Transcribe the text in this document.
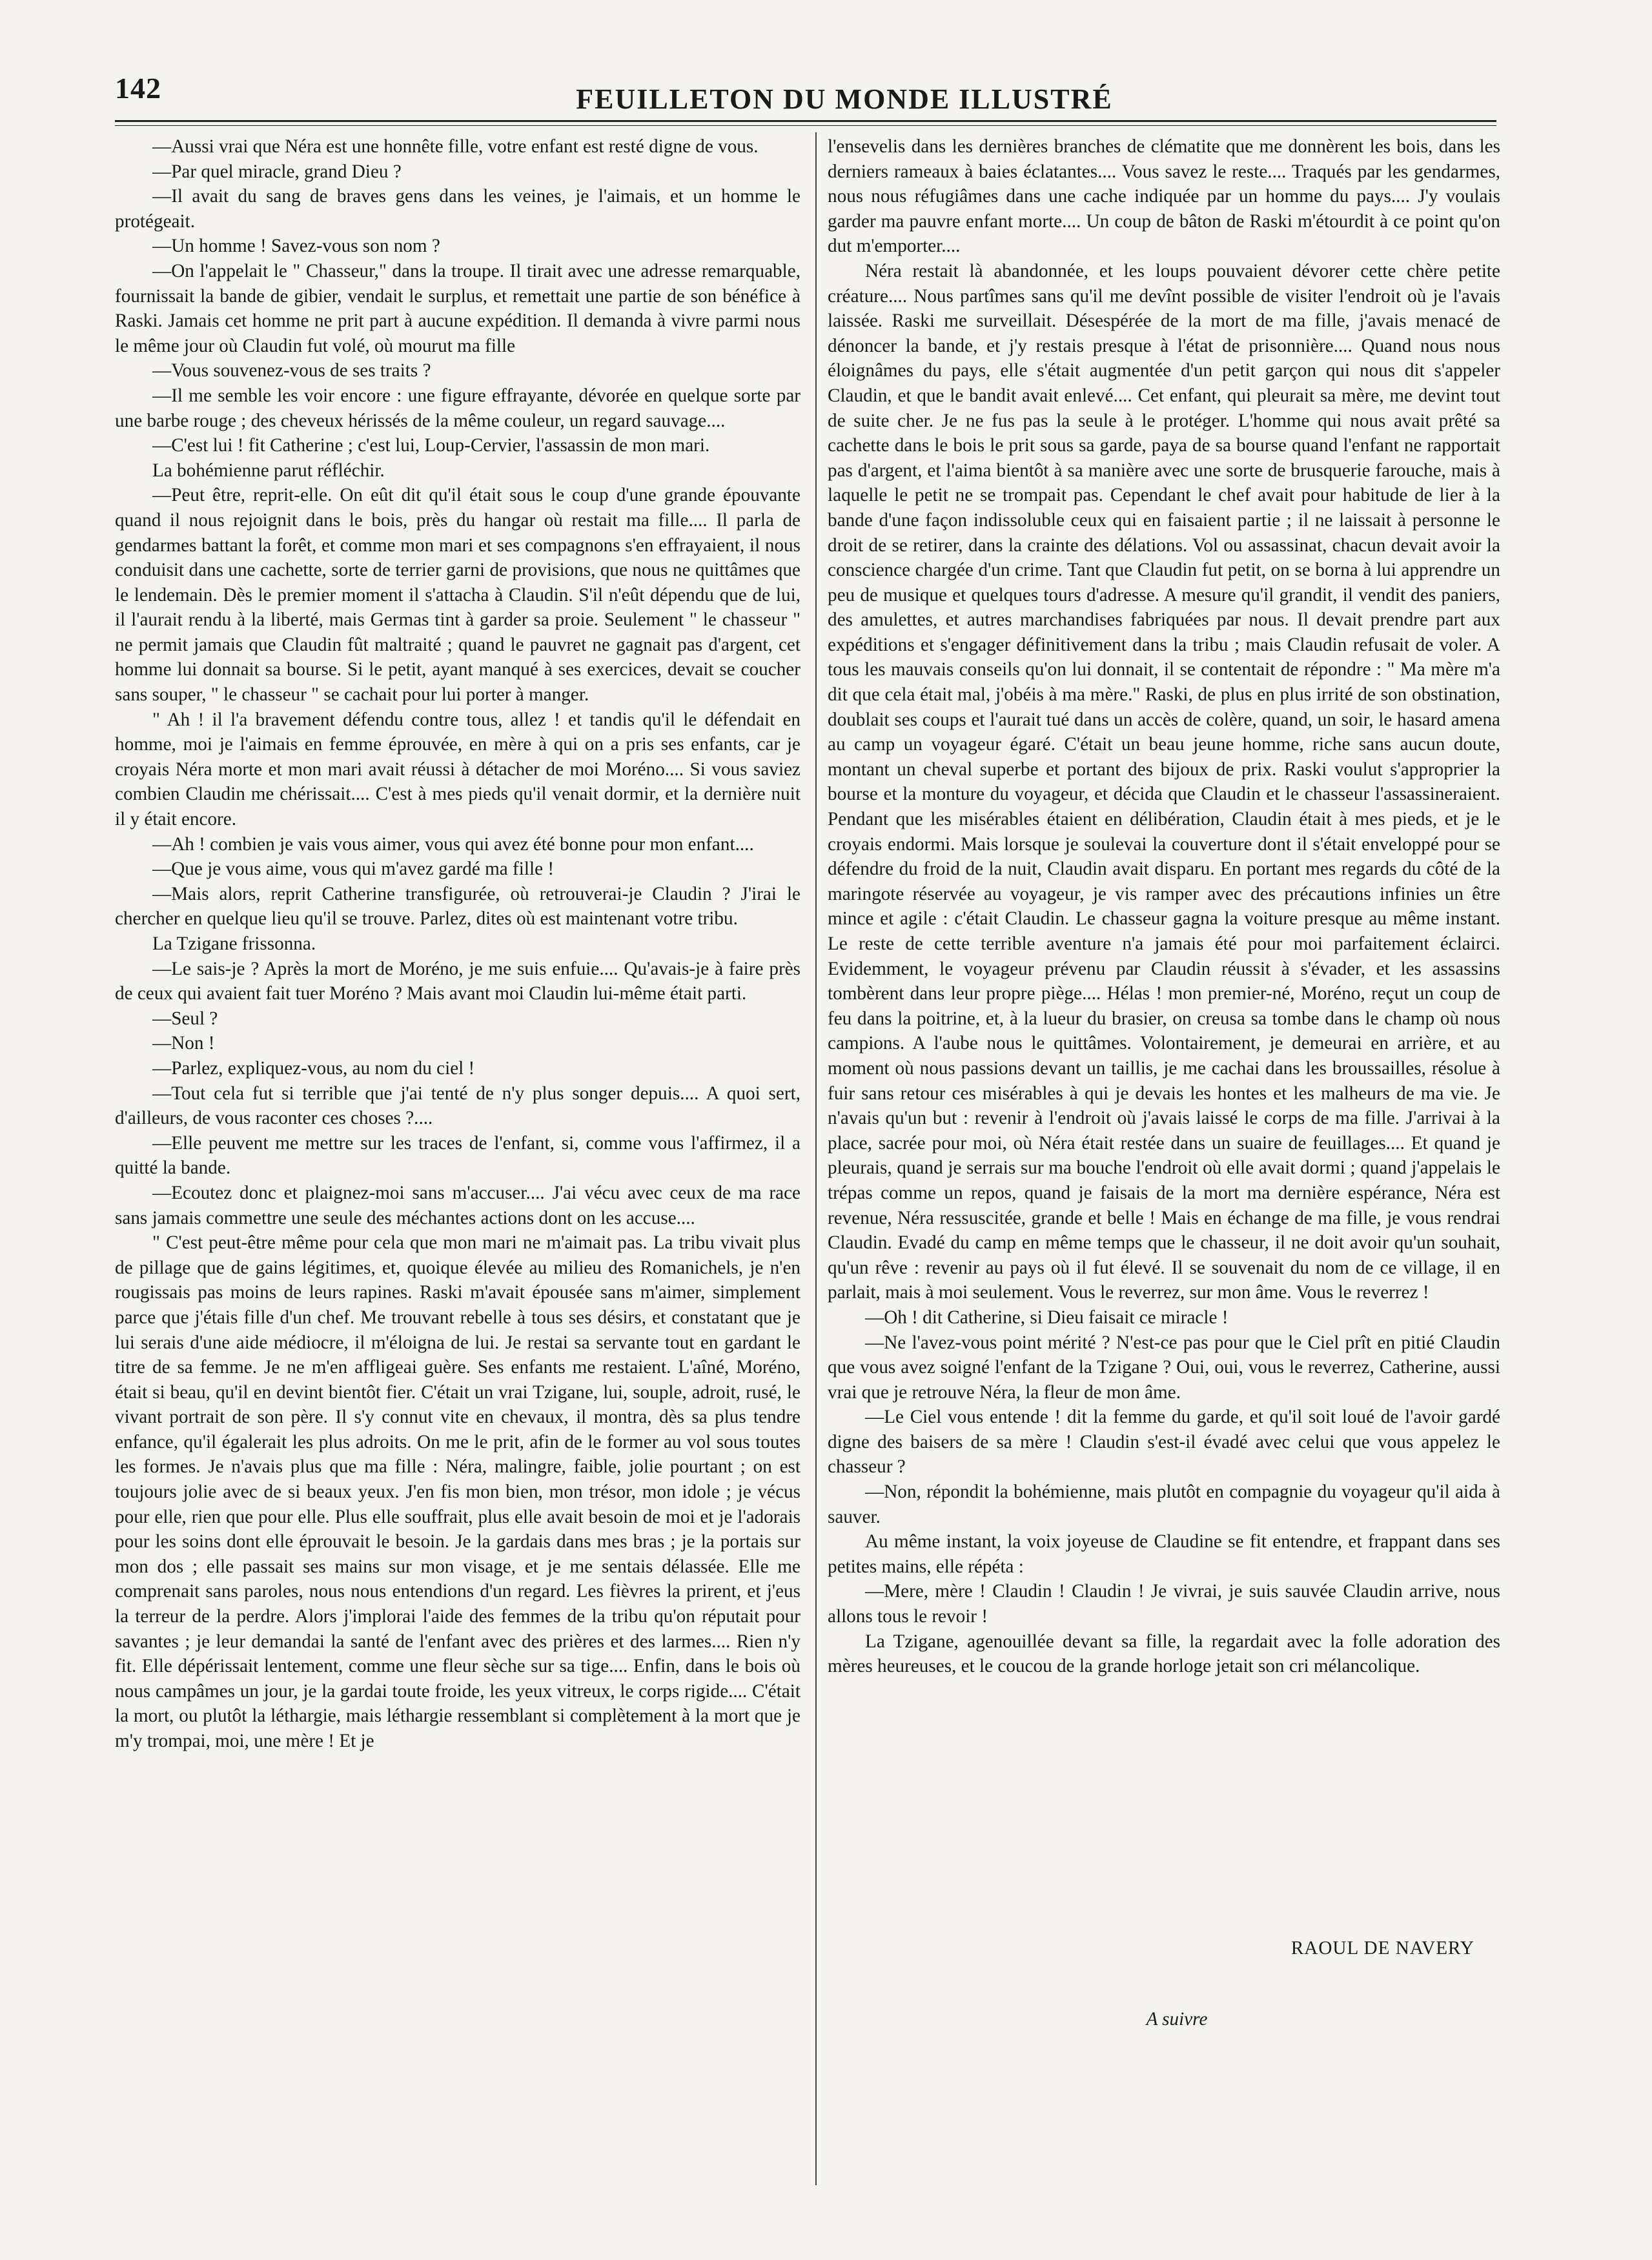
142	FEUILLETON DU MONDE ILLUSTRÉ

—Aussi vrai que Néra est une honnête fille, votre enfant est resté digne de vous.

—Par quel miracle, grand Dieu ?

—Il avait du sang de braves gens dans les veines, je l'aimais, et un homme le protégeait.

—Un homme ! Savez-vous son nom ?

—On l'appelait le " Chasseur," dans la troupe. Il tirait avec une adresse remarquable, fournissait la bande de gibier, vendait le surplus, et remettait une partie de son bénéfice à Raski. Jamais cet homme ne prit part à aucune expédition. Il demanda à vivre parmi nous le même jour où Claudin fut volé, où mourut ma fille

—Vous souvenez-vous de ses traits ?

—Il me semble les voir encore : une figure effrayante, dévorée en quelque sorte par une barbe rouge ; des cheveux hérissés de la même couleur, un regard sauvage....

—C'est lui ! fit Catherine ; c'est lui, Loup-Cervier, l'assassin de mon mari.

La bohémienne parut réfléchir.

—Peut être, reprit-elle. On eût dit qu'il était sous le coup d'une grande épouvante quand il nous rejoignit dans le bois, près du hangar où restait ma fille.... Il parla de gendarmes battant la forêt, et comme mon mari et ses compagnons s'en effrayaient, il nous conduisit dans une cachette, sorte de terrier garni de provisions, que nous ne quittâmes que le lendemain. Dès le premier moment il s'attacha à Claudin. S'il n'eût dépendu que de lui, il l'aurait rendu à la liberté, mais Germas tint à garder sa proie. Seulement " le chasseur " ne permit jamais que Claudin fût maltraité ; quand le pauvret ne gagnait pas d'argent, cet homme lui donnait sa bourse. Si le petit, ayant manqué à ses exercices, devait se coucher sans souper, " le chasseur " se cachait pour lui porter à manger.

" Ah ! il l'a bravement défendu contre tous, allez ! et tandis qu'il le défendait en homme, moi je l'aimais en femme éprouvée, en mère à qui on a pris ses enfants, car je croyais Néra morte et mon mari avait réussi à détacher de moi Moréno.... Si vous saviez combien Claudin me chérissait.... C'est à mes pieds qu'il venait dormir, et la dernière nuit il y était encore.

—Ah ! combien je vais vous aimer, vous qui avez été bonne pour mon enfant....

—Que je vous aime, vous qui m'avez gardé ma fille !

—Mais alors, reprit Catherine transfigurée, où retrouverai-je Claudin ? J'irai le chercher en quelque lieu qu'il se trouve. Parlez, dites où est maintenant votre tribu.

La Tzigane frissonna.

—Le sais-je ? Après la mort de Moréno, je me suis enfuie.... Qu'avais-je à faire près de ceux qui avaient fait tuer Moréno ? Mais avant moi Claudin lui-même était parti.

—Seul ?

—Non !

—Parlez, expliquez-vous, au nom du ciel !

—Tout cela fut si terrible que j'ai tenté de n'y plus songer depuis.... A quoi sert, d'ailleurs, de vous raconter ces choses ?....

—Elle peuvent me mettre sur les traces de l'enfant, si, comme vous l'affirmez, il a quitté la bande.

—Ecoutez donc et plaignez-moi sans m'accuser.... J'ai vécu avec ceux de ma race sans jamais commettre une seule des méchantes actions dont on les accuse....

" C'est peut-être même pour cela que mon mari ne m'aimait pas. La tribu vivait plus de pillage que de gains légitimes, et, quoique élevée au milieu des Romanichels, je n'en rougissais pas moins de leurs rapines. Raski m'avait épousée sans m'aimer, simplement parce que j'étais fille d'un chef. Me trouvant rebelle à tous ses désirs, et constatant que je lui serais d'une aide médiocre, il m'éloigna de lui. Je restai sa servante tout en gardant le titre de sa femme. Je ne m'en affligeai guère. Ses enfants me restaient. L'aîné, Moréno, était si beau, qu'il en devint bientôt fier. C'était un vrai Tzigane, lui, souple, adroit, rusé, le vivant portrait de son père. Il s'y connut vite en chevaux, il montra, dès sa plus tendre enfance, qu'il égalerait les plus adroits. On me le prit, afin de le former au vol sous toutes les formes. Je n'avais plus que ma fille : Néra, malingre, faible, jolie pourtant ; on est toujours jolie avec de si beaux yeux. J'en fis mon bien, mon trésor, mon idole ; je vécus pour elle, rien que pour elle. Plus elle souffrait, plus elle avait besoin de moi et je l'adorais pour les soins dont elle éprouvait le besoin. Je la gardais dans mes bras ; je la portais sur mon dos ; elle passait ses mains sur mon visage, et je me sentais délassée. Elle me comprenait sans paroles, nous nous entendions d'un regard. Les fièvres la prirent, et j'eus la terreur de la perdre. Alors j'implorai l'aide des femmes de la tribu qu'on réputait pour savantes ; je leur demandai la santé de l'enfant avec des prières et des larmes.... Rien n'y fit. Elle dépérissait lentement, comme une fleur sèche sur sa tige.... Enfin, dans le bois où nous campâmes un jour, je la gardai toute froide, les yeux vitreux, le corps rigide.... C'était la mort, ou plutôt la léthargie, mais léthargie ressemblant si complètement à la mort que je m'y trompai, moi, une mère ! Et je

l'ensevelis dans les dernières branches de clématite que me donnèrent les bois, dans les derniers rameaux à baies éclatantes.... Vous savez le reste.... Traqués par les gendarmes, nous nous réfugiâmes dans une cache indiquée par un homme du pays.... J'y voulais garder ma pauvre enfant morte.... Un coup de bâton de Raski m'étourdit à ce point qu'on dut m'emporter....

Néra restait là abandonnée, et les loups pouvaient dévorer cette chère petite créature.... Nous partîmes sans qu'il me devînt possible de visiter l'endroit où je l'avais laissée. Raski me surveillait. Désespérée de la mort de ma fille, j'avais menacé de dénoncer la bande, et j'y restais presque à l'état de prisonnière.... Quand nous nous éloignâmes du pays, elle s'était augmentée d'un petit garçon qui nous dit s'appeler Claudin, et que le bandit avait enlevé.... Cet enfant, qui pleurait sa mère, me devint tout de suite cher. Je ne fus pas la seule à le protéger. L'homme qui nous avait prêté sa cachette dans le bois le prit sous sa garde, paya de sa bourse quand l'enfant ne rapportait pas d'argent, et l'aima bientôt à sa manière avec une sorte de brusquerie farouche, mais à laquelle le petit ne se trompait pas. Cependant le chef avait pour habitude de lier à la bande d'une façon indissoluble ceux qui en faisaient partie ; il ne laissait à personne le droit de se retirer, dans la crainte des délations. Vol ou assassinat, chacun devait avoir la conscience chargée d'un crime. Tant que Claudin fut petit, on se borna à lui apprendre un peu de musique et quelques tours d'adresse. A mesure qu'il grandit, il vendit des paniers, des amulettes, et autres marchandises fabriquées par nous. Il devait prendre part aux expéditions et s'engager définitivement dans la tribu ; mais Claudin refusait de voler. A tous les mauvais conseils qu'on lui donnait, il se contentait de répondre : " Ma mère m'a dit que cela était mal, j'obéis à ma mère." Raski, de plus en plus irrité de son obstination, doublait ses coups et l'aurait tué dans un accès de colère, quand, un soir, le hasard amena au camp un voyageur égaré. C'était un beau jeune homme, riche sans aucun doute, montant un cheval superbe et portant des bijoux de prix. Raski voulut s'approprier la bourse et la monture du voyageur, et décida que Claudin et le chasseur l'assassineraient. Pendant que les misérables étaient en délibération, Claudin était à mes pieds, et je le croyais endormi. Mais lorsque je soulevai la couverture dont il s'était enveloppé pour se défendre du froid de la nuit, Claudin avait disparu. En portant mes regards du côté de la maringote réservée au voyageur, je vis ramper avec des précautions infinies un être mince et agile : c'était Claudin. Le chasseur gagna la voiture presque au même instant. Le reste de cette terrible aventure n'a jamais été pour moi parfaitement éclairci. Evidemment, le voyageur prévenu par Claudin réussit à s'évader, et les assassins tombèrent dans leur propre piège.... Hélas ! mon premier-né, Moréno, reçut un coup de feu dans la poitrine, et, à la lueur du brasier, on creusa sa tombe dans le champ où nous campions. A l'aube nous le quittâmes. Volontairement, je demeurai en arrière, et au moment où nous passions devant un taillis, je me cachai dans les broussailles, résolue à fuir sans retour ces misérables à qui je devais les hontes et les malheurs de ma vie. Je n'avais qu'un but : revenir à l'endroit où j'avais laissé le corps de ma fille. J'arrivai à la place, sacrée pour moi, où Néra était restée dans un suaire de feuillages.... Et quand je pleurais, quand je serrais sur ma bouche l'endroit où elle avait dormi ; quand j'appelais le trépas comme un repos, quand je faisais de la mort ma dernière espérance, Néra est revenue, Néra ressuscitée, grande et belle ! Mais en échange de ma fille, je vous rendrai Claudin. Evadé du camp en même temps que le chasseur, il ne doit avoir qu'un souhait, qu'un rêve : revenir au pays où il fut élevé. Il se souvenait du nom de ce village, il en parlait, mais à moi seulement. Vous le reverrez, sur mon âme. Vous le reverrez !

—Oh ! dit Catherine, si Dieu faisait ce miracle !

—Ne l'avez-vous point mérité ? N'est-ce pas pour que le Ciel prît en pitié Claudin que vous avez soigné l'enfant de la Tzigane ? Oui, oui, vous le reverrez, Catherine, aussi vrai que je retrouve Néra, la fleur de mon âme.

—Le Ciel vous entende ! dit la femme du garde, et qu'il soit loué de l'avoir gardé digne des baisers de sa mère ! Claudin s'est-il évadé avec celui que vous appelez le chasseur ?

—Non, répondit la bohémienne, mais plutôt en compagnie du voyageur qu'il aida à sauver.

Au même instant, la voix joyeuse de Claudine se fit entendre, et frappant dans ses petites mains, elle répéta :

—Mere, mère ! Claudin ! Claudin ! Je vivrai, je suis sauvée Claudin arrive, nous allons tous le revoir !

La Tzigane, agenouillée devant sa fille, la regardait avec la folle adoration des mères heureuses, et le coucou de la grande horloge jetait son cri mélancolique.

RAOUL DE NAVERY
A suivre
